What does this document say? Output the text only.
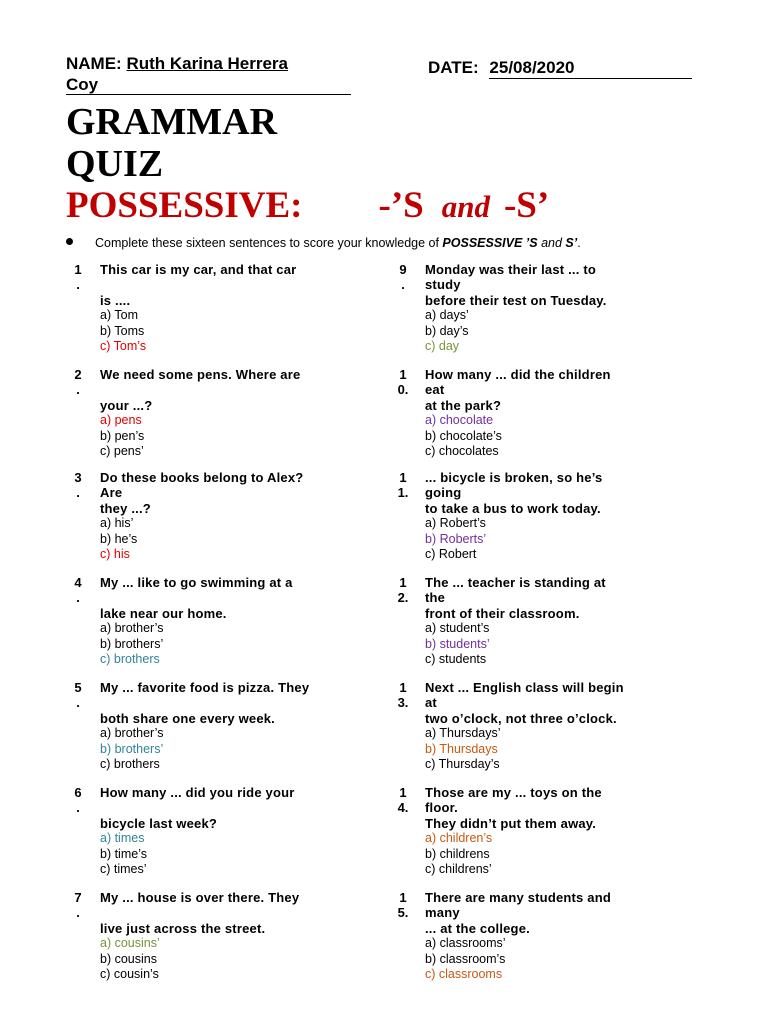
NAME: Ruth Karina Herrera
Coy
DATE: 25/08/2020
GRAMMAR
QUIZ
POSSESSIVE: -’S and -S’
Complete these sixteen sentences to score your knowledge of POSSESSIVE ’S and S’.
1
.
This car is my car, and that car

is ....
a) Tom
b) Toms
c) Tom’s
2
.
We need some pens. Where are

your ...?
a) pens
b) pen’s
c) pens’
3
.
Do these books belong to Alex?
Are
they ...?
a) his’
b) he’s
c) his
4
.
My ... like to go swimming at a

lake near our home.
a) brother’s
b) brothers’
c) brothers
5
.
My ... favorite food is pizza. They

both share one every week.
a) brother’s
b) brothers’
c) brothers
6
.
How many ... did you ride your

bicycle last week?
a) times
b) time’s
c) times’
7
.
My ... house is over there. They

live just across the street.
a) cousins’
b) cousins
c) cousin’s
9
.
Monday was their last ... to
study
before their test on Tuesday.
a) days’
b) day’s
c) day
1
0.
How many ... did the children
eat
at the park?
a) chocolate
b) chocolate’s
c) chocolates
1
1.
... bicycle is broken, so he’s
going
to take a bus to work today.
a) Robert’s
b) Roberts’
c) Robert
1
2.
The ... teacher is standing at
the
front of their classroom.
a) student’s
b) students’
c) students
1
3.
Next ... English class will begin
at
two o’clock, not three o’clock.
a) Thursdays’
b) Thursdays
c) Thursday’s
1
4.
Those are my ... toys on the
floor.
They didn’t put them away.
a) children’s
b) childrens
c) childrens’
1
5.
There are many students and
many
... at the college.
a) classrooms’
b) classroom’s
c) classrooms
